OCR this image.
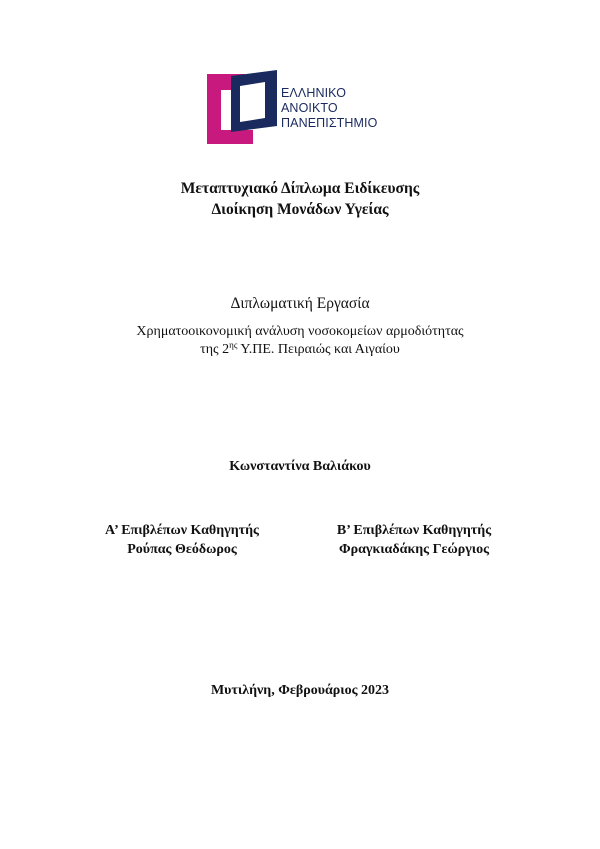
ΕΛΛΗΝΙΚΟ
ΑΝΟΙΚΤΟ
ΠΑΝΕΠΙΣΤΗΜΙΟ
Μεταπτυχιακό Δίπλωμα Ειδίκευσης
Διοίκηση Μονάδων Υγείας
Διπλωματική Εργασία
Χρηματοοικονομική ανάλυση νοσοκομείων αρμοδιότητας
της $2^{\eta\varsigma}$ Υ.ΠΕ. Πειραιώς και Αιγαίου
Κωνσταντίνα Βαλιάκου
Α’ Επιβλέπων Καθηγητής
Ρούπας Θεόδωρος
Β’ Επιβλέπων Καθηγητής
Φραγκιαδάκης Γεώργιος
Μυτιλήνη, Φεβρουάριος 2023
